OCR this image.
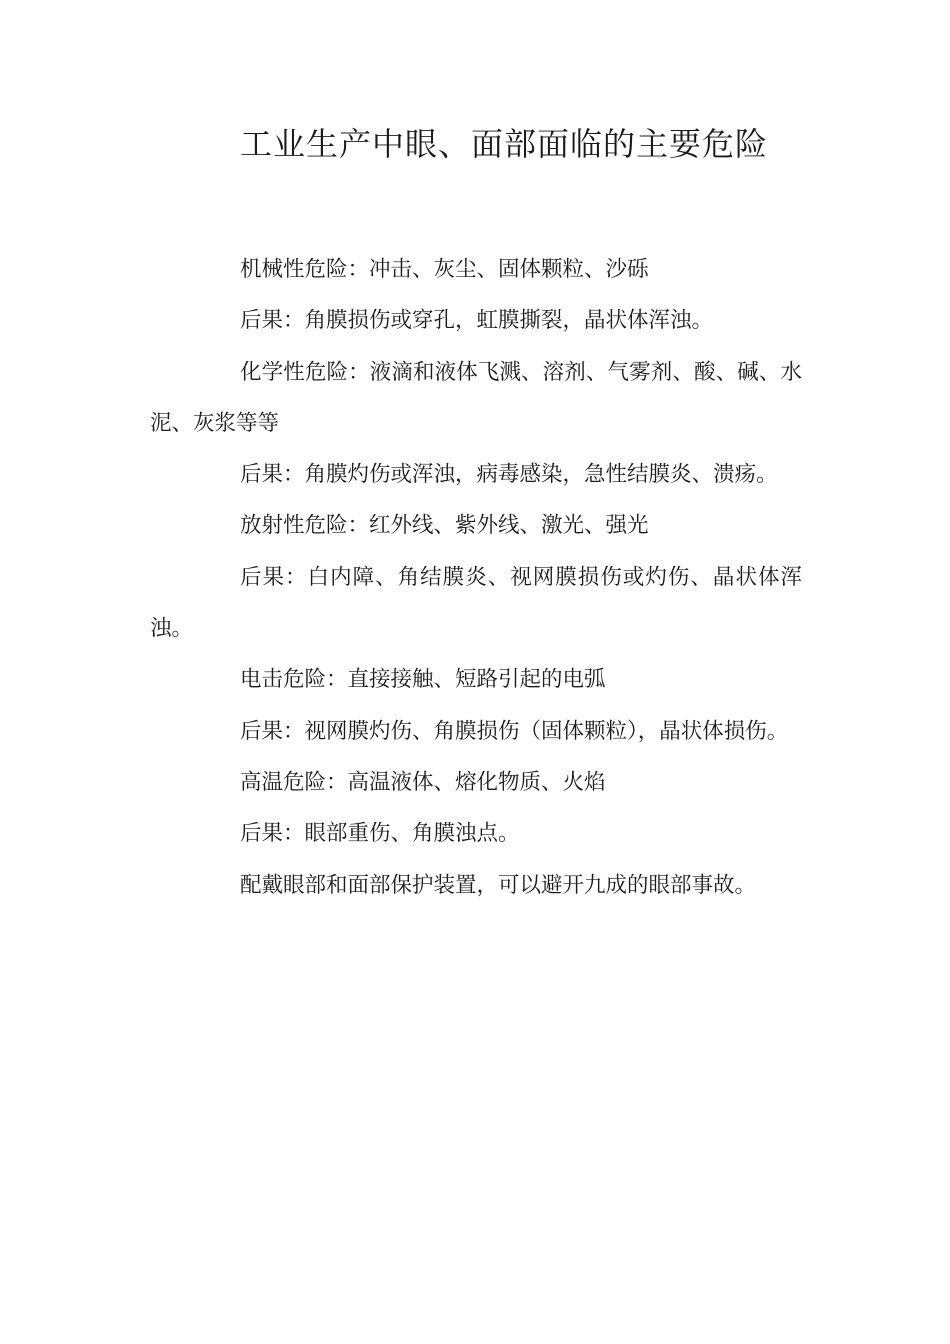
工业生产中眼、面部面临的主要危险

机械性危险：冲击、灰尘、固体颗粒、沙砾

后果：角膜损伤或穿孔，虹膜撕裂，晶状体浑浊。

化学性危险：液滴和液体飞溅、溶剂、气雾剂、酸、碱、水泥、灰浆等等

后果：角膜灼伤或浑浊，病毒感染，急性结膜炎、溃疡。

放射性危险：红外线、紫外线、激光、强光

后果：白内障、角结膜炎、视网膜损伤或灼伤、晶状体浑浊。

电击危险：直接接触、短路引起的电弧

后果：视网膜灼伤、角膜损伤（固体颗粒），晶状体损伤。

高温危险：高温液体、熔化物质、火焰

后果：眼部重伤、角膜浊点。

配戴眼部和面部保护装置，可以避开九成的眼部事故。
